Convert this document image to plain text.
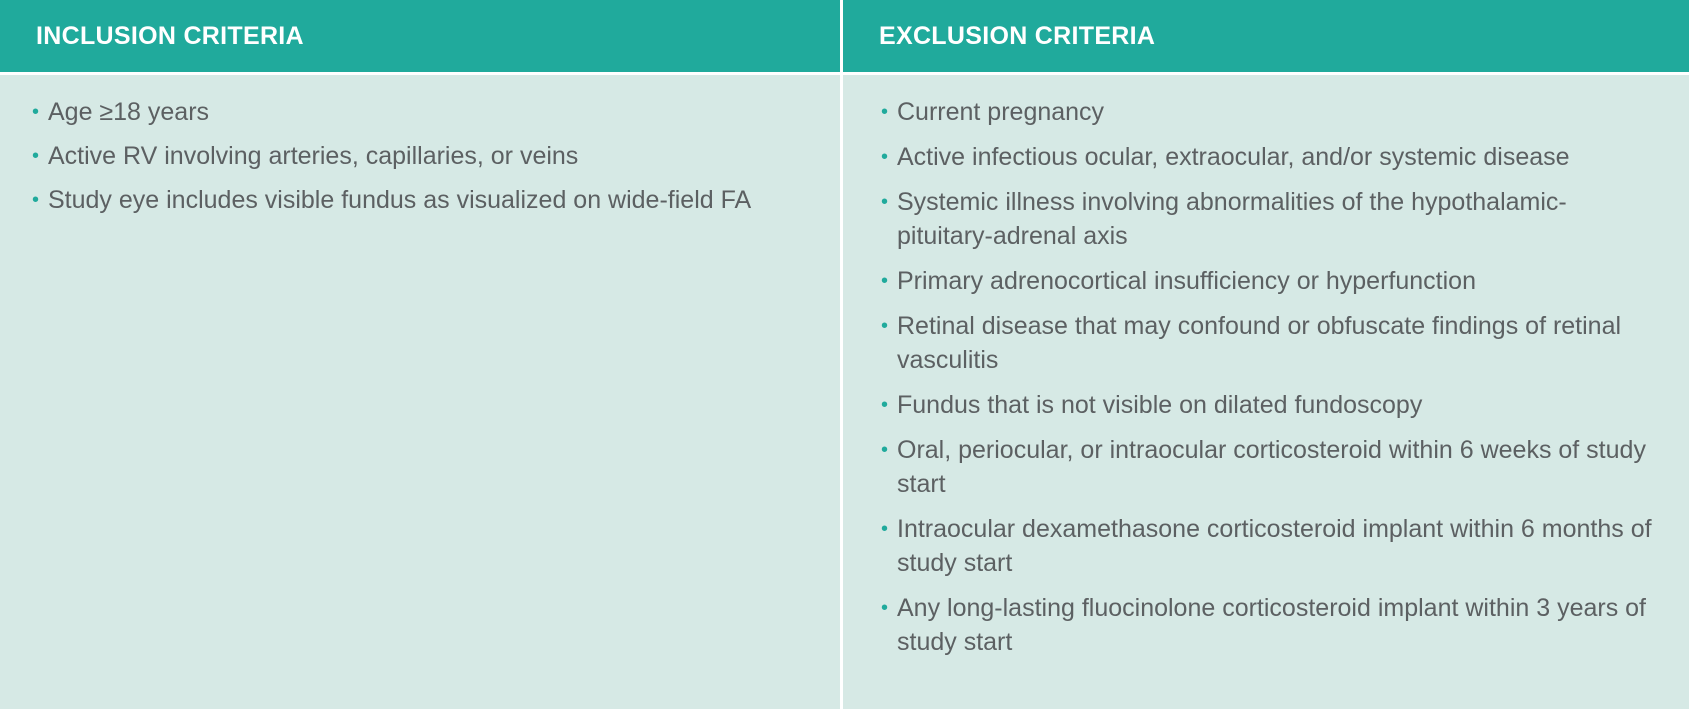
INCLUSION CRITERIA	EXCLUSION CRITERIA
• Age ≥18 years
• Active RV involving arteries, capillaries, or veins
• Study eye includes visible fundus as visualized on wide-field FA
• Current pregnancy
• Active infectious ocular, extraocular, and/or systemic disease
• Systemic illness involving abnormalities of the hypothalamic-pituitary-adrenal axis
• Primary adrenocortical insufficiency or hyperfunction
• Retinal disease that may confound or obfuscate findings of retinal vasculitis
• Fundus that is not visible on dilated fundoscopy
• Oral, periocular, or intraocular corticosteroid within 6 weeks of study start
• Intraocular dexamethasone corticosteroid implant within 6 months of study start
• Any long-lasting fluocinolone corticosteroid implant within 3 years of study start
